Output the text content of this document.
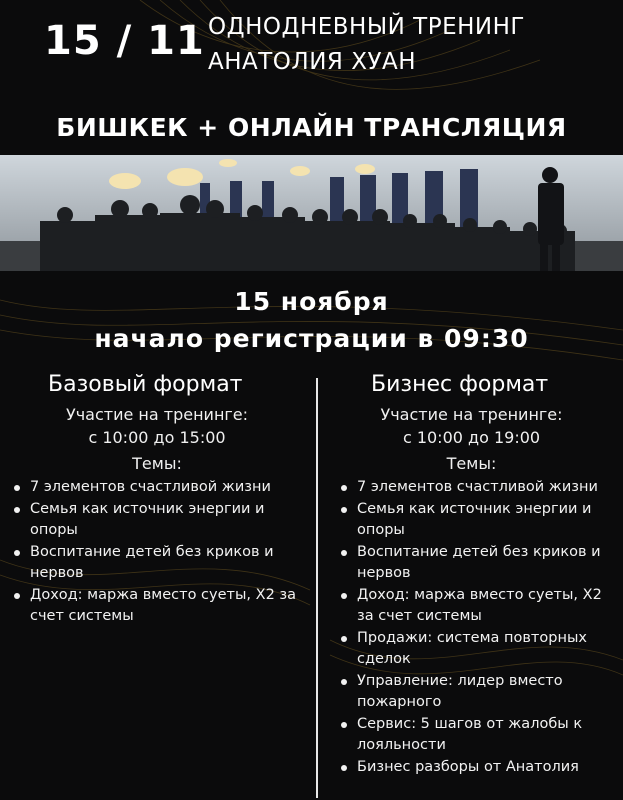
15 / 11 ОДНОДНЕВНЫЙ ТРЕНИНГ
АНАТОЛИЯ ХУАН
БИШКЕК + ОНЛАЙН ТРАНСЛЯЦИЯ
15 ноября
начало регистрации в 09:30
Базовый формат
Участие на тренинге:
с 10:00 до 15:00
Темы:
7 элементов счастливой жизни
Семья как источник энергии и опоры
Воспитание детей без криков и нервов
Доход: маржа вместо суеты, Х2 за счет системы
Бизнес формат
Участие на тренинге:
с 10:00 до 19:00
Темы:
7 элементов счастливой жизни
Семья как источник энергии и опоры
Воспитание детей без криков и нервов
Доход: маржа вместо суеты, Х2 за счет системы
Продажи: система повторных сделок
Управление: лидер вместо пожарного
Сервис: 5 шагов от жалобы к лояльности
Бизнес разборы от Анатолия
